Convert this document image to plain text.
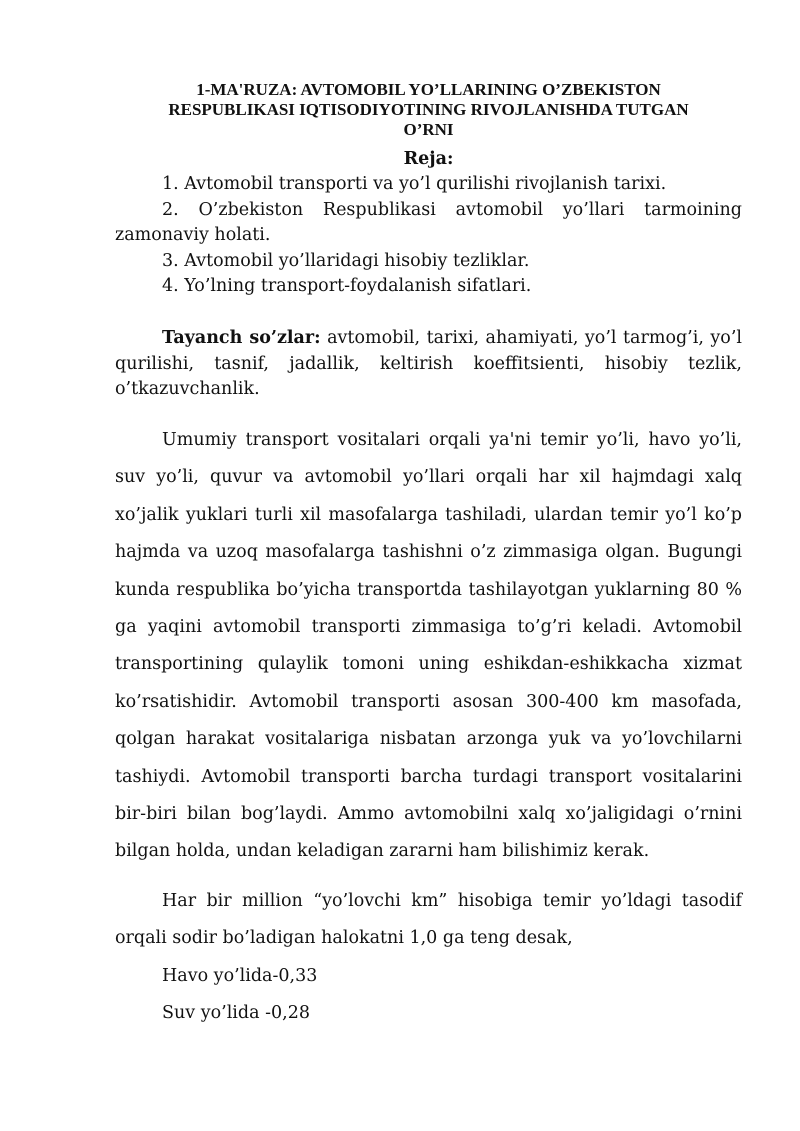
1-MA'RUZA: AVTOMOBIL YO’LLARINING O’ZBEKISTON
RESPUBLIKASI IQTISODIYOTINING RIVOJLANISHDA TUTGAN
O’RNI
Reja:
1. Avtomobil transporti va yo’l qurilishi rivojlanish tarixi.
2. O’zbekiston Respublikasi avtomobil yo’llari tarmoining zamonaviy holati.
3. Avtomobil yo’llaridagi hisobiy tezliklar.
4. Yo’lning transport-foydalanish sifatlari.

Tayanch so’zlar: avtomobil, tarixi, ahamiyati, yo’l tarmog’i, yo’l qurilishi, tasnif, jadallik, keltirish koeffitsienti, hisobiy tezlik, o’tkazuvchanlik.

Umumiy transport vositalari orqali ya'ni temir yo’li, havo yo’li, suv yo’li, quvur va avtomobil yo’llari orqali har xil hajmdagi xalq xo’jalik yuklari turli xil masofalarga tashiladi, ulardan temir yo’l ko’p hajmda va uzoq masofalarga tashishni o’z zimmasiga olgan. Bugungi kunda respublika bo’yicha transportda tashilayotgan yuklarning 80 % ga yaqini avtomobil transporti zimmasiga to’g’ri keladi. Avtomobil transportining qulaylik tomoni uning eshikdan-eshikkacha xizmat ko’rsatishidir. Avtomobil transporti asosan 300-400 km masofada, qolgan harakat vositalariga nisbatan arzonga yuk va yo’lovchilarni tashiydi. Avtomobil transporti barcha turdagi transport vositalarini bir-biri bilan bog’laydi. Ammo avtomobilni xalq xo’jaligidagi o’rnini bilgan holda, undan keladigan zararni ham bilishimiz kerak.

Har bir million “yo’lovchi km” hisobiga temir yo’ldagi tasodif orqali sodir bo’ladigan halokatni 1,0 ga teng desak,

Havo yo’lida-0,33

Suv yo’lida -0,28
